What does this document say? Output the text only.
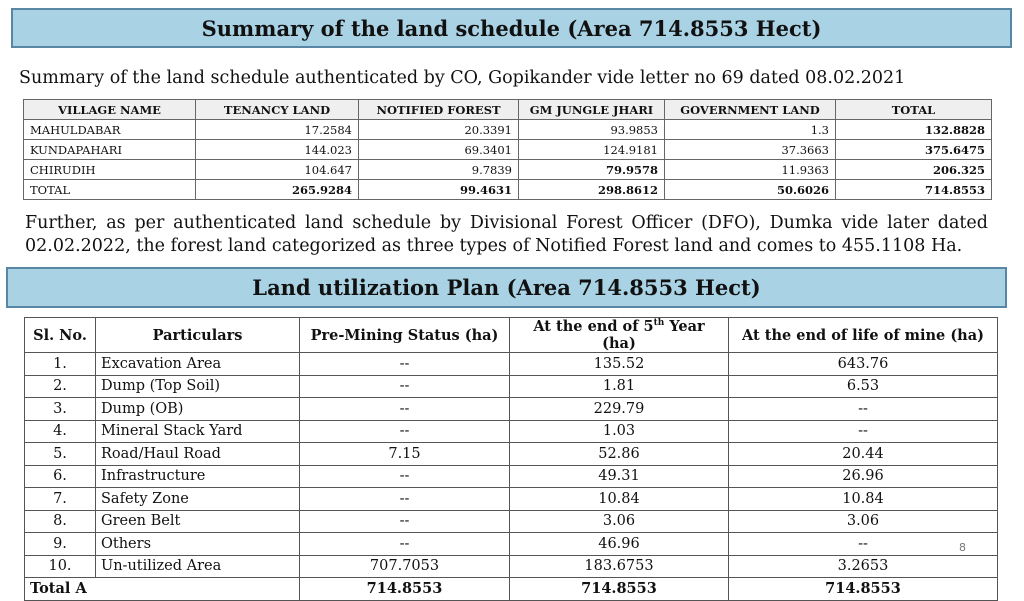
Summary of the land schedule (Area 714.8553 Hect)
Summary of the land schedule authenticated by CO, Gopikander vide letter no 69 dated 08.02.2021
VILLAGE NAME	TENANCY LAND	NOTIFIED FOREST	GM JUNGLE JHARI	GOVERNMENT LAND	TOTAL
MAHULDABAR	17.2584	20.3391	93.9853	1.3	132.8828
KUNDAPAHARI	144.023	69.3401	124.9181	37.3663	375.6475
CHIRUDIH	104.647	9.7839	79.9578	11.9363	206.325
TOTAL	265.9284	99.4631	298.8612	50.6026	714.8553
Further, as per authenticated land schedule by Divisional Forest Officer (DFO), Dumka vide later dated 02.02.2022, the forest land categorized as three types of Notified Forest land and comes to 455.1108 Ha.
Land utilization Plan (Area 714.8553 Hect)
Sl. No.	Particulars	Pre-Mining Status (ha)	At the end of 5th Year (ha)	At the end of life of mine (ha)
1.	Excavation Area	--	135.52	643.76
2.	Dump (Top Soil)	--	1.81	6.53
3.	Dump (OB)	--	229.79	--
4.	Mineral Stack Yard	--	1.03	--
5.	Road/Haul Road	7.15	52.86	20.44
6.	Infrastructure	--	49.31	26.96
7.	Safety Zone	--	10.84	10.84
8.	Green Belt	--	3.06	3.06
9.	Others	--	46.96	--
10.	Un-utilized Area	707.7053	183.6753	3.2653
Total A		714.8553	714.8553	714.8553
8
